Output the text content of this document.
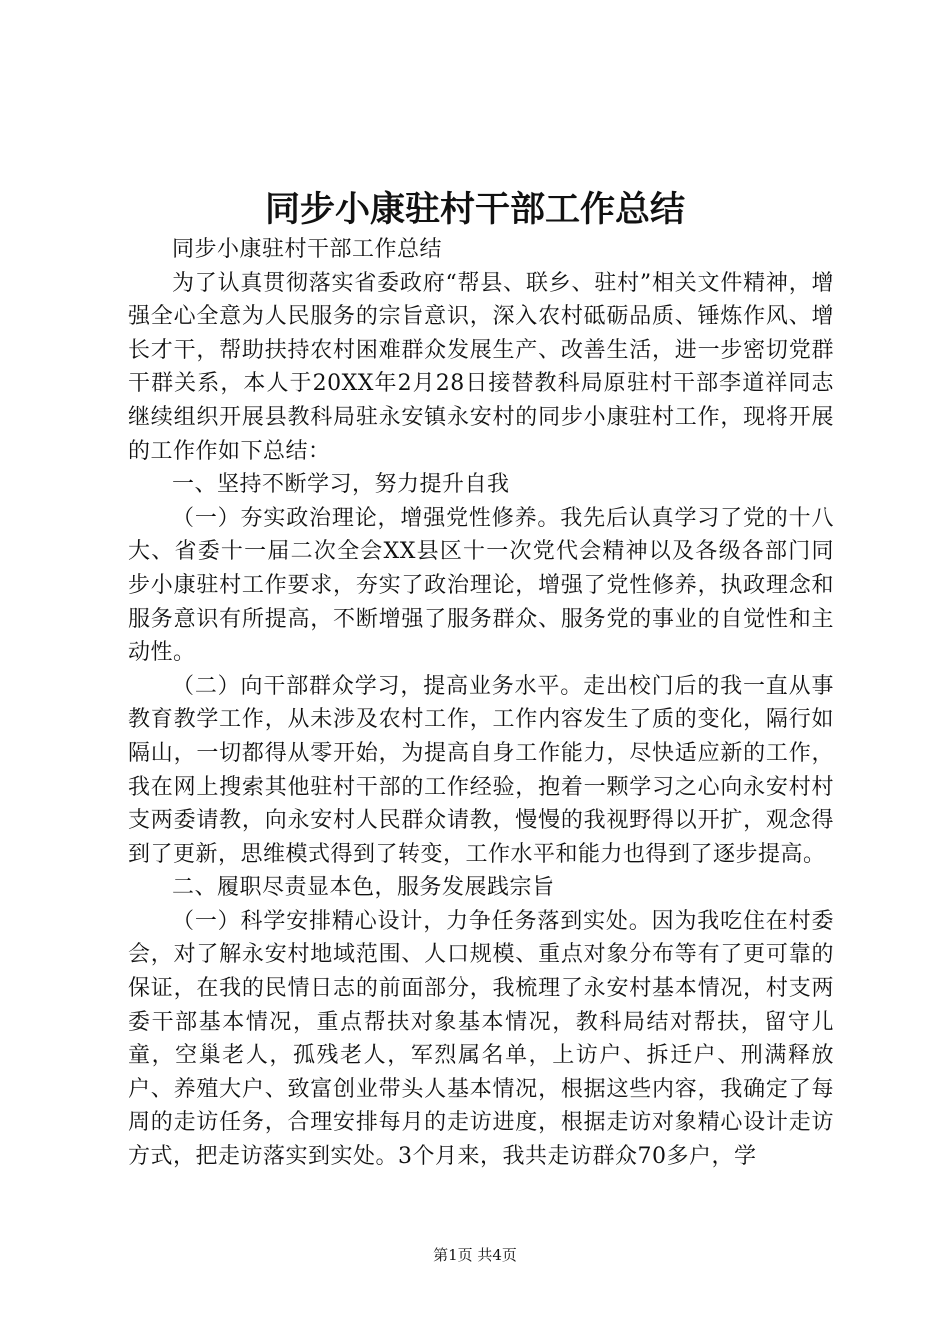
同步小康驻村干部工作总结

同步小康驻村干部工作总结

为了认真贯彻落实省委政府“帮县、联乡、驻村”相关文件精神，增强全心全意为人民服务的宗旨意识，深入农村砥砺品质、锤炼作风、增长才干，帮助扶持农村困难群众发展生产、改善生活，进一步密切党群干群关系，本人于20XX年2月28日接替教科局原驻村干部李道祥同志继续组织开展县教科局驻永安镇永安村的同步小康驻村工作，现将开展的工作作如下总结：

一、坚持不断学习，努力提升自我

（一）夯实政治理论，增强党性修养。我先后认真学习了党的十八大、省委十一届二次全会XX县区十一次党代会精神以及各级各部门同步小康驻村工作要求，夯实了政治理论，增强了党性修养，执政理念和服务意识有所提高，不断增强了服务群众、服务党的事业的自觉性和主动性。

（二）向干部群众学习，提高业务水平。走出校门后的我一直从事教育教学工作，从未涉及农村工作，工作内容发生了质的变化，隔行如隔山，一切都得从零开始，为提高自身工作能力，尽快适应新的工作，我在网上搜索其他驻村干部的工作经验，抱着一颗学习之心向永安村村支两委请教，向永安村人民群众请教，慢慢的我视野得以开扩，观念得到了更新，思维模式得到了转变，工作水平和能力也得到了逐步提高。

二、履职尽责显本色，服务发展践宗旨

（一）科学安排精心设计，力争任务落到实处。因为我吃住在村委会，对了解永安村地域范围、人口规模、重点对象分布等有了更可靠的保证，在我的民情日志的前面部分，我梳理了永安村基本情况，村支两委干部基本情况，重点帮扶对象基本情况，教科局结对帮扶，留守儿童，空巢老人，孤残老人，军烈属名单，上访户、拆迁户、刑满释放户、养殖大户、致富创业带头人基本情况，根据这些内容，我确定了每周的走访任务，合理安排每月的走访进度，根据走访对象精心设计走访方式，把走访落实到实处。3个月来，我共走访群众70多户，学

第1页 共4页
